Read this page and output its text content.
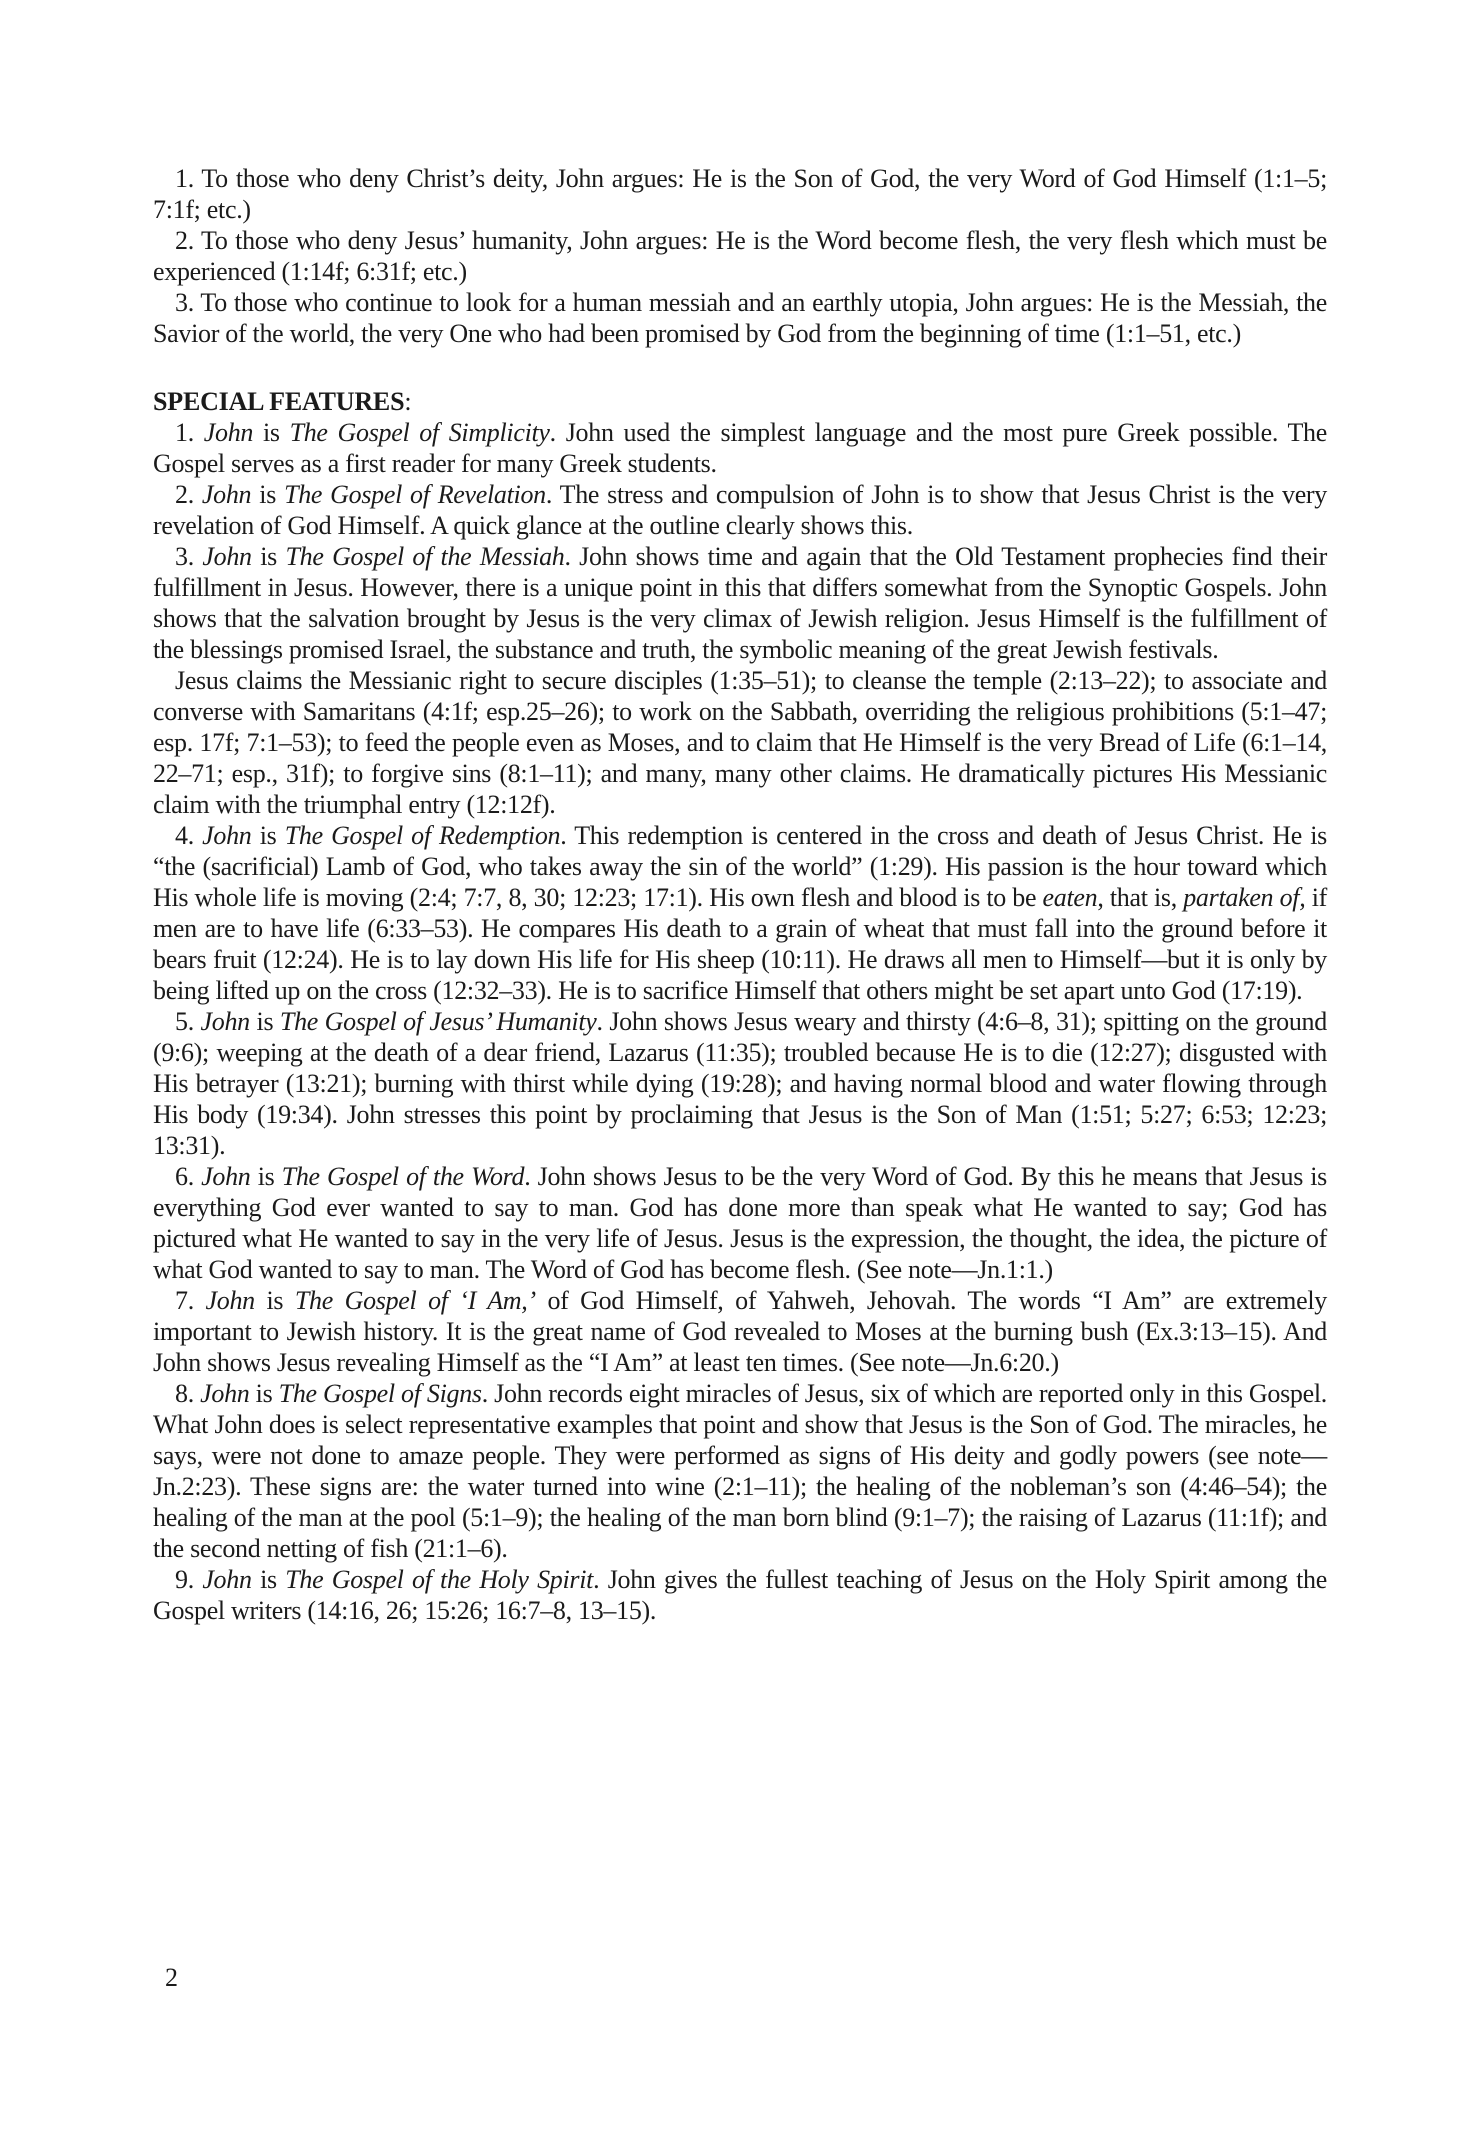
1. To those who deny Christ’s deity, John argues: He is the Son of God, the very Word of God Himself (1:1–5; 7:1f; etc.)

2. To those who deny Jesus’ humanity, John argues: He is the Word become flesh, the very flesh which must be experienced (1:14f; 6:31f; etc.)

3. To those who continue to look for a human messiah and an earthly utopia, John argues: He is the Messiah, the Savior of the world, the very One who had been promised by God from the beginning of time (1:1–51, etc.)

SPECIAL FEATURES:

1. John is The Gospel of Simplicity. John used the simplest language and the most pure Greek possible. The Gospel serves as a first reader for many Greek students.

2. John is The Gospel of Revelation. The stress and compulsion of John is to show that Jesus Christ is the very revelation of God Himself. A quick glance at the outline clearly shows this.

3. John is The Gospel of the Messiah. John shows time and again that the Old Testament prophecies find their fulfillment in Jesus. However, there is a unique point in this that differs somewhat from the Synoptic Gospels. John shows that the salvation brought by Jesus is the very climax of Jewish religion. Jesus Himself is the fulfillment of the blessings promised Israel, the substance and truth, the symbolic meaning of the great Jewish festivals.

Jesus claims the Messianic right to secure disciples (1:35–51); to cleanse the temple (2:13–22); to associate and converse with Samaritans (4:1f; esp.25–26); to work on the Sabbath, overriding the religious prohibitions (5:1–47; esp. 17f; 7:1–53); to feed the people even as Moses, and to claim that He Himself is the very Bread of Life (6:1–14, 22–71; esp., 31f); to forgive sins (8:1–11); and many, many other claims. He dramatically pictures His Messianic claim with the triumphal entry (12:12f).

4. John is The Gospel of Redemption. This redemption is centered in the cross and death of Jesus Christ. He is “the (sacrificial) Lamb of God, who takes away the sin of the world” (1:29). His passion is the hour toward which His whole life is moving (2:4; 7:7, 8, 30; 12:23; 17:1). His own flesh and blood is to be eaten, that is, partaken of, if men are to have life (6:33–53). He compares His death to a grain of wheat that must fall into the ground before it bears fruit (12:24). He is to lay down His life for His sheep (10:11). He draws all men to Himself—but it is only by being lifted up on the cross (12:32–33). He is to sacrifice Himself that others might be set apart unto God (17:19).

5. John is The Gospel of Jesus’ Humanity. John shows Jesus weary and thirsty (4:6–8, 31); spitting on the ground (9:6); weeping at the death of a dear friend, Lazarus (11:35); troubled because He is to die (12:27); disgusted with His betrayer (13:21); burning with thirst while dying (19:28); and having normal blood and water flowing through His body (19:34). John stresses this point by proclaiming that Jesus is the Son of Man (1:51; 5:27; 6:53; 12:23; 13:31).

6. John is The Gospel of the Word. John shows Jesus to be the very Word of God. By this he means that Jesus is everything God ever wanted to say to man. God has done more than speak what He wanted to say; God has pictured what He wanted to say in the very life of Jesus. Jesus is the expression, the thought, the idea, the picture of what God wanted to say to man. The Word of God has become flesh. (See note—Jn.1:1.)

7. John is The Gospel of ‘I Am,’ of God Himself, of Yahweh, Jehovah. The words “I Am” are extremely important to Jewish history. It is the great name of God revealed to Moses at the burning bush (Ex.3:13–15). And John shows Jesus revealing Himself as the “I Am” at least ten times. (See note—Jn.6:20.)

8. John is The Gospel of Signs. John records eight miracles of Jesus, six of which are reported only in this Gospel. What John does is select representative examples that point and show that Jesus is the Son of God. The miracles, he says, were not done to amaze people. They were performed as signs of His deity and godly powers (see note—Jn.2:23). These signs are: the water turned into wine (2:1–11); the healing of the nobleman’s son (4:46–54); the healing of the man at the pool (5:1–9); the healing of the man born blind (9:1–7); the raising of Lazarus (11:1f); and the second netting of fish (21:1–6).

9. John is The Gospel of the Holy Spirit. John gives the fullest teaching of Jesus on the Holy Spirit among the Gospel writers (14:16, 26; 15:26; 16:7–8, 13–15).

2
